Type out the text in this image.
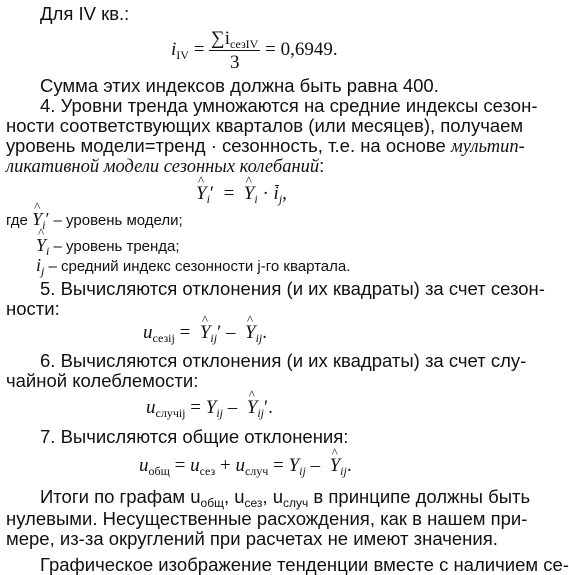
Для IV кв.:
$i_{IV} = \frac{\sum i_{сезIV}}{3} = 0,6949$.
Сумма этих индексов должна быть равна 400.
4. Уровни тренда умножаются на средние индексы сезон-
ности соответствующих кварталов (или месяцев), получаем
уровень модели=тренд · сезонность, т.е. на основе мультип-
ликативной модели сезонных колебаний:
^ $Y_i'$  =  ^ $Y_i \cdot i_j$,
где ^ $Y_i'$ – уровень модели;
^ $Y_i$ – уровень тренда;
$i_j$ – средний индекс сезонности j-го квартала.
5. Вычисляются отклонения (и их квадраты) за счет сезон-
ности:
$u_{сезij}$ =  ^ $Y_{ij}'$ –  ^ $Y_{ij}$.
6. Вычисляются отклонения (и их квадраты) за счет слу-
чайной колеблемости:
$u_{случij} = Y_{ij}$ –  ^ $Y_{ij}'$.
7. Вычисляются общие отклонения:
$u_{общ} = u_{сез} + u_{случ} = Y_{ij}$ –  ^ $Y_{ij}$.
Итоги по графам $u_{общ}$, $u_{сез}$, $u_{случ}$ в принципе должны быть
нулевыми. Несущественные расхождения, как в нашем при-
мере, из-за округлений при расчетах не имеют значения.
Графическое изображение тенденции вместе с наличием се-
